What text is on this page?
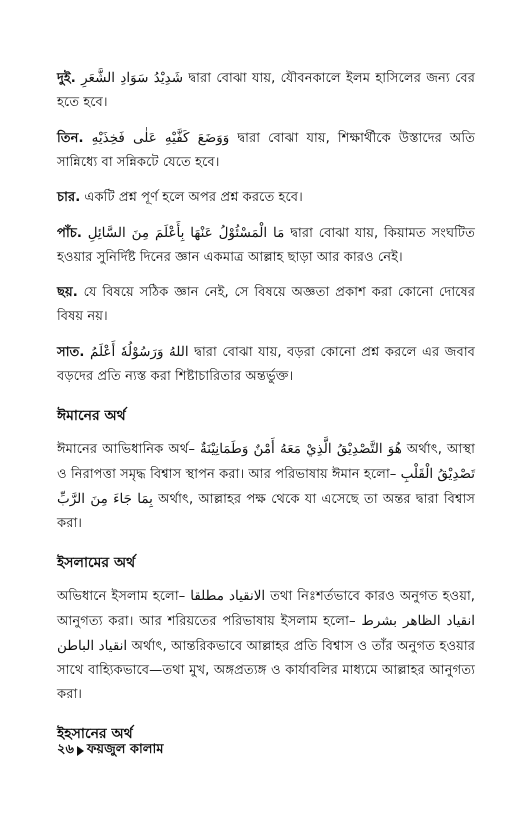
দুই. شَدِيْدُ سَوَادِ الشَّعَرِ দ্বারা বোঝা যায়, যৌবনকালে ইলম হাসিলের জন্য বের হতে হবে।

তিন. وَوَضَعَ كَفَّيْهِ عَلٰى فَخِذَيْهِ দ্বারা বোঝা যায়, শিক্ষার্থীকে উস্তাদের অতি সান্নিধ্যে বা সন্নিকটে যেতে হবে।

চার. একটি প্রশ্ন পূর্ণ হলে অপর প্রশ্ন করতে হবে।

পাঁচ. مَا الْمَسْئُوْلُ عَنْهَا بِأَعْلَمَ مِنَ السَّائِلِ দ্বারা বোঝা যায়, কিয়ামত সংঘটিত হওয়ার সুনির্দিষ্ট দিনের জ্ঞান একমাত্র আল্লাহ ছাড়া আর কারও নেই।

ছয়. যে বিষয়ে সঠিক জ্ঞান নেই, সে বিষয়ে অজ্ঞতা প্রকাশ করা কোনো দোষের বিষয় নয়।

সাত. اللهُ وَرَسُوْلُهٗ أَعْلَمُ দ্বারা বোঝা যায়, বড়রা কোনো প্রশ্ন করলে এর জবাব বড়দের প্রতি ন্যস্ত করা শিষ্টাচারিতার অন্তর্ভুক্ত।

ঈমানের অর্থ

ঈমানের আভিধানিক অর্থ– هُوَ التَّصْدِيْقُ الَّذِيْ مَعَهُ أَمْنٌ وَطَمَانِيْنَةٌ অর্থাৎ, আস্থা ও নিরাপত্তা সমৃদ্ধ বিশ্বাস স্থাপন করা। আর পরিভাষায় ঈমান হলো– تَصْدِيْقُ الْقَلْبِ بِمَا جَاءَ مِنَ الرَّبِّ অর্থাৎ, আল্লাহর পক্ষ থেকে যা এসেছে তা অন্তর দ্বারা বিশ্বাস করা।

ইসলামের অর্থ

অভিধানে ইসলাম হলো– الانقياد مطلقا তথা নিঃশর্তভাবে কারও অনুগত হওয়া, আনুগত্য করা। আর শরিয়তের পরিভাষায় ইসলাম হলো– انقياد الظاهر بشرط انقياد الباطن অর্থাৎ, আন্তরিকভাবে আল্লাহর প্রতি বিশ্বাস ও তাঁর অনুগত হওয়ার সাথে বাহ্যিকভাবে—তথা মুখ, অঙ্গপ্রত্যঙ্গ ও কার্যাবলির মাধ্যমে আল্লাহর আনুগত্য করা।

ইহসানের অর্থ
২৬ ফয়জুল কালাম
